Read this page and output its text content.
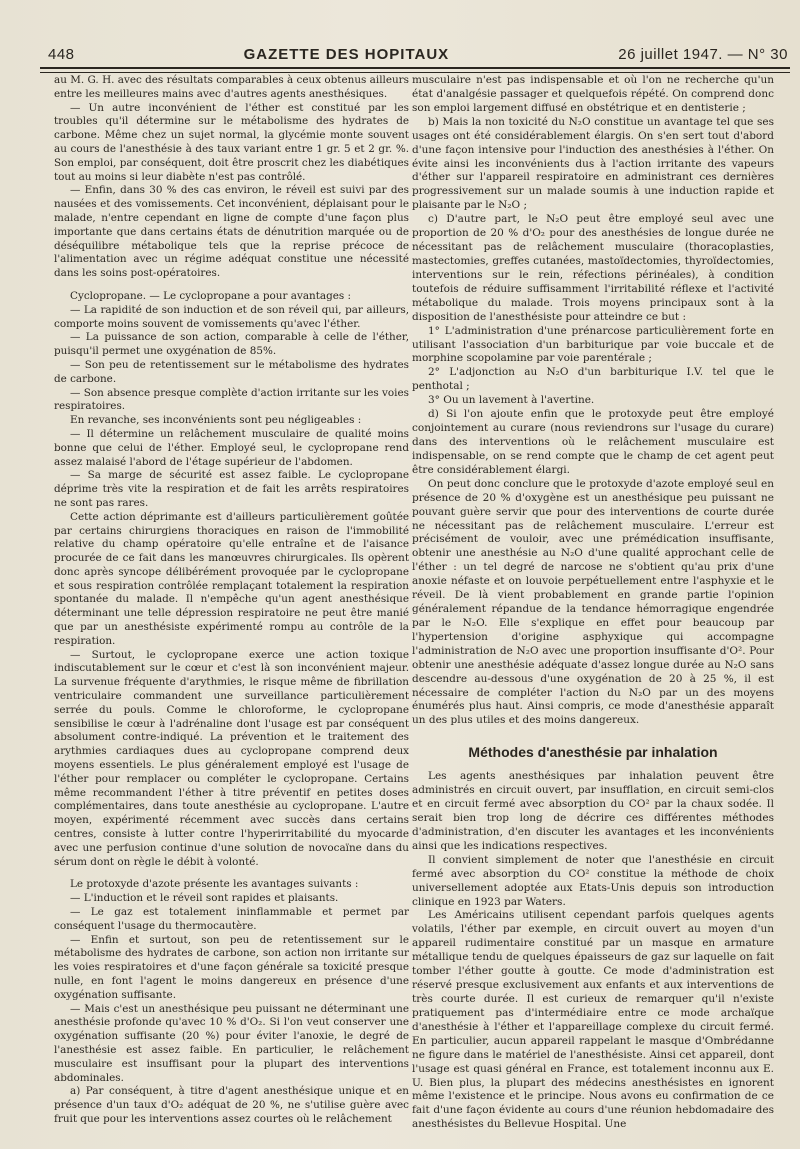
448	GAZETTE DES HOPITAUX	26 juillet 1947. — N° 30

au M. G. H. avec des résultats comparables à ceux obtenus ailleurs entre les meilleures mains avec d'autres agents anesthésiques.

— Un autre inconvénient de l'éther est constitué par les troubles qu'il détermine sur le métabolisme des hydrates de carbone. Même chez un sujet normal, la glycémie monte souvent au cours de l'anesthésie à des taux variant entre 1 gr. 5 et 2 gr. %. Son emploi, par conséquent, doit être proscrit chez les diabétiques tout au moins si leur diabète n'est pas contrôlé.

— Enfin, dans 30 % des cas environ, le réveil est suivi par des nausées et des vomissements. Cet inconvénient, déplaisant pour le malade, n'entre cependant en ligne de compte d'une façon plus importante que dans certains états de dénutrition marquée ou de déséquilibre métabolique tels que la reprise précoce de l'alimentation avec un régime adéquat constitue une nécessité dans les soins post-opératoires.

Cyclopropane. — Le cyclopropane a pour avantages :

— La rapidité de son induction et de son réveil qui, par ailleurs, comporte moins souvent de vomissements qu'avec l'éther.

— La puissance de son action, comparable à celle de l'éther, puisqu'il permet une oxygénation de 85%.

— Son peu de retentissement sur le métabolisme des hydrates de carbone.

— Son absence presque complète d'action irritante sur les voies respiratoires.

En revanche, ses inconvénients sont peu négligeables :

— Il détermine un relâchement musculaire de qualité moins bonne que celui de l'éther. Employé seul, le cyclopropane rend assez malaisé l'abord de l'étage supérieur de l'abdomen.

— Sa marge de sécurité est assez faible. Le cyclopropane déprime très vite la respiration et de fait les arrêts respiratoires ne sont pas rares.

Cette action déprimante est d'ailleurs particulièrement goûtée par certains chirurgiens thoraciques en raison de l'immobilité relative du champ opératoire qu'elle entraîne et de l'aisance procurée de ce fait dans les manœuvres chirurgicales. Ils opèrent donc après syncope délibérément provoquée par le cyclopropane et sous respiration contrôlée remplaçant totalement la respiration spontanée du malade. Il n'empêche qu'un agent anesthésique déterminant une telle dépression respiratoire ne peut être manié que par un anesthésiste expérimenté rompu au contrôle de la respiration.

— Surtout, le cyclopropane exerce une action toxique indiscutablement sur le cœur et c'est là son inconvénient majeur. La survenue fréquente d'arythmies, le risque même de fibrillation ventriculaire commandent une surveillance particulièrement serrée du pouls. Comme le chloroforme, le cyclopropane sensibilise le cœur à l'adrénaline dont l'usage est par conséquent absolument contre-indiqué. La prévention et le traitement des arythmies cardiaques dues au cyclopropane comprend deux moyens essentiels. Le plus généralement employé est l'usage de l'éther pour remplacer ou compléter le cyclopropane. Certains même recommandent l'éther à titre préventif en petites doses complémentaires, dans toute anesthésie au cyclopropane. L'autre moyen, expérimenté récemment avec succès dans certains centres, consiste à lutter contre l'hyperirritabilité du myocarde avec une perfusion continue d'une solution de novocaïne dans du sérum dont on règle le débit à volonté.

Le protoxyde d'azote présente les avantages suivants :

— L'induction et le réveil sont rapides et plaisants.

— Le gaz est totalement ininflammable et permet par conséquent l'usage du thermocautère.

— Enfin et surtout, son peu de retentissement sur le métabolisme des hydrates de carbone, son action non irritante sur les voies respiratoires et d'une façon générale sa toxicité presque nulle, en font l'agent le moins dangereux en présence d'une oxygénation suffisante.

— Mais c'est un anesthésique peu puissant ne déterminant une anesthésie profonde qu'avec 10 % d'O₂. Si l'on veut conserver une oxygénation suffisante (20 %) pour éviter l'anoxie, le degré de l'anesthésie est assez faible. En particulier, le relâchement musculaire est insuffisant pour la plupart des interventions abdominales.

a) Par conséquent, à titre d'agent anesthésique unique et en présence d'un taux d'O₂ adéquat de 20 %, ne s'utilise guère avec fruit que pour les interventions assez courtes où le relâchement

musculaire n'est pas indispensable et où l'on ne recherche qu'un état d'analgésie passager et quelquefois répété. On comprend donc son emploi largement diffusé en obstétrique et en dentisterie ;

b) Mais la non toxicité du N₂O constitue un avantage tel que ses usages ont été considérablement élargis. On s'en sert tout d'abord d'une façon intensive pour l'induction des anesthésies à l'éther. On évite ainsi les inconvénients dus à l'action irritante des vapeurs d'éther sur l'appareil respiratoire en administrant ces dernières progressivement sur un malade soumis à une induction rapide et plaisante par le N₂O ;

c) D'autre part, le N₂O peut être employé seul avec une proportion de 20 % d'O₂ pour des anesthésies de longue durée ne nécessitant pas de relâchement musculaire (thoracoplasties, mastectomies, greffes cutanées, mastoïdectomies, thyroïdectomies, interventions sur le rein, réfections périnéales), à condition toutefois de réduire suffisamment l'irritabilité réflexe et l'activité métabolique du malade. Trois moyens principaux sont à la disposition de l'anesthésiste pour atteindre ce but :

1° L'administration d'une prénarcose particulièrement forte en utilisant l'association d'un barbiturique par voie buccale et de morphine scopolamine par voie parentérale ;

2° L'adjonction au N₂O d'un barbiturique I.V. tel que le penthotal ;

3° Ou un lavement à l'avertine.

d) Si l'on ajoute enfin que le protoxyde peut être employé conjointement au curare (nous reviendrons sur l'usage du curare) dans des interventions où le relâchement musculaire est indispensable, on se rend compte que le champ de cet agent peut être considérablement élargi.

On peut donc conclure que le protoxyde d'azote employé seul en présence de 20 % d'oxygène est un anesthésique peu puissant ne pouvant guère servir que pour des interventions de courte durée ne nécessitant pas de relâchement musculaire. L'erreur est précisément de vouloir, avec une prémédication insuffisante, obtenir une anesthésie au N₂O d'une qualité approchant celle de l'éther : un tel degré de narcose ne s'obtient qu'au prix d'une anoxie néfaste et on louvoie perpétuellement entre l'asphyxie et le réveil. De là vient probablement en grande partie l'opinion généralement répandue de la tendance hémorragique engendrée par le N₂O. Elle s'explique en effet pour beaucoup par l'hypertension d'origine asphyxique qui accompagne l'administration de N₂O avec une proportion insuffisante d'O². Pour obtenir une anesthésie adéquate d'assez longue durée au N₂O sans descendre au-dessous d'une oxygénation de 20 à 25 %, il est nécessaire de compléter l'action du N₂O par un des moyens énumérés plus haut. Ainsi compris, ce mode d'anesthésie apparaît un des plus utiles et des moins dangereux.

Méthodes d'anesthésie par inhalation

Les agents anesthésiques par inhalation peuvent être administrés en circuit ouvert, par insufflation, en circuit semi-clos et en circuit fermé avec absorption du CO² par la chaux sodée. Il serait bien trop long de décrire ces différentes méthodes d'administration, d'en discuter les avantages et les inconvénients ainsi que les indications respectives.

Il convient simplement de noter que l'anesthésie en circuit fermé avec absorption du CO² constitue la méthode de choix universellement adoptée aux Etats-Unis depuis son introduction clinique en 1923 par Waters.

Les Américains utilisent cependant parfois quelques agents volatils, l'éther par exemple, en circuit ouvert au moyen d'un appareil rudimentaire constitué par un masque en armature métallique tendu de quelques épaisseurs de gaz sur laquelle on fait tomber l'éther goutte à goutte. Ce mode d'administration est réservé presque exclusivement aux enfants et aux interventions de très courte durée. Il est curieux de remarquer qu'il n'existe pratiquement pas d'intermédiaire entre ce mode archaïque d'anesthésie à l'éther et l'appareillage complexe du circuit fermé. En particulier, aucun appareil rappelant le masque d'Ombrédanne ne figure dans le matériel de l'anesthésiste. Ainsi cet appareil, dont l'usage est quasi général en France, est totalement inconnu aux E. U. Bien plus, la plupart des médecins anesthésistes en ignorent même l'existence et le principe. Nous avons eu confirmation de ce fait d'une façon évidente au cours d'une réunion hebdomadaire des anesthésistes du Bellevue Hospital. Une
